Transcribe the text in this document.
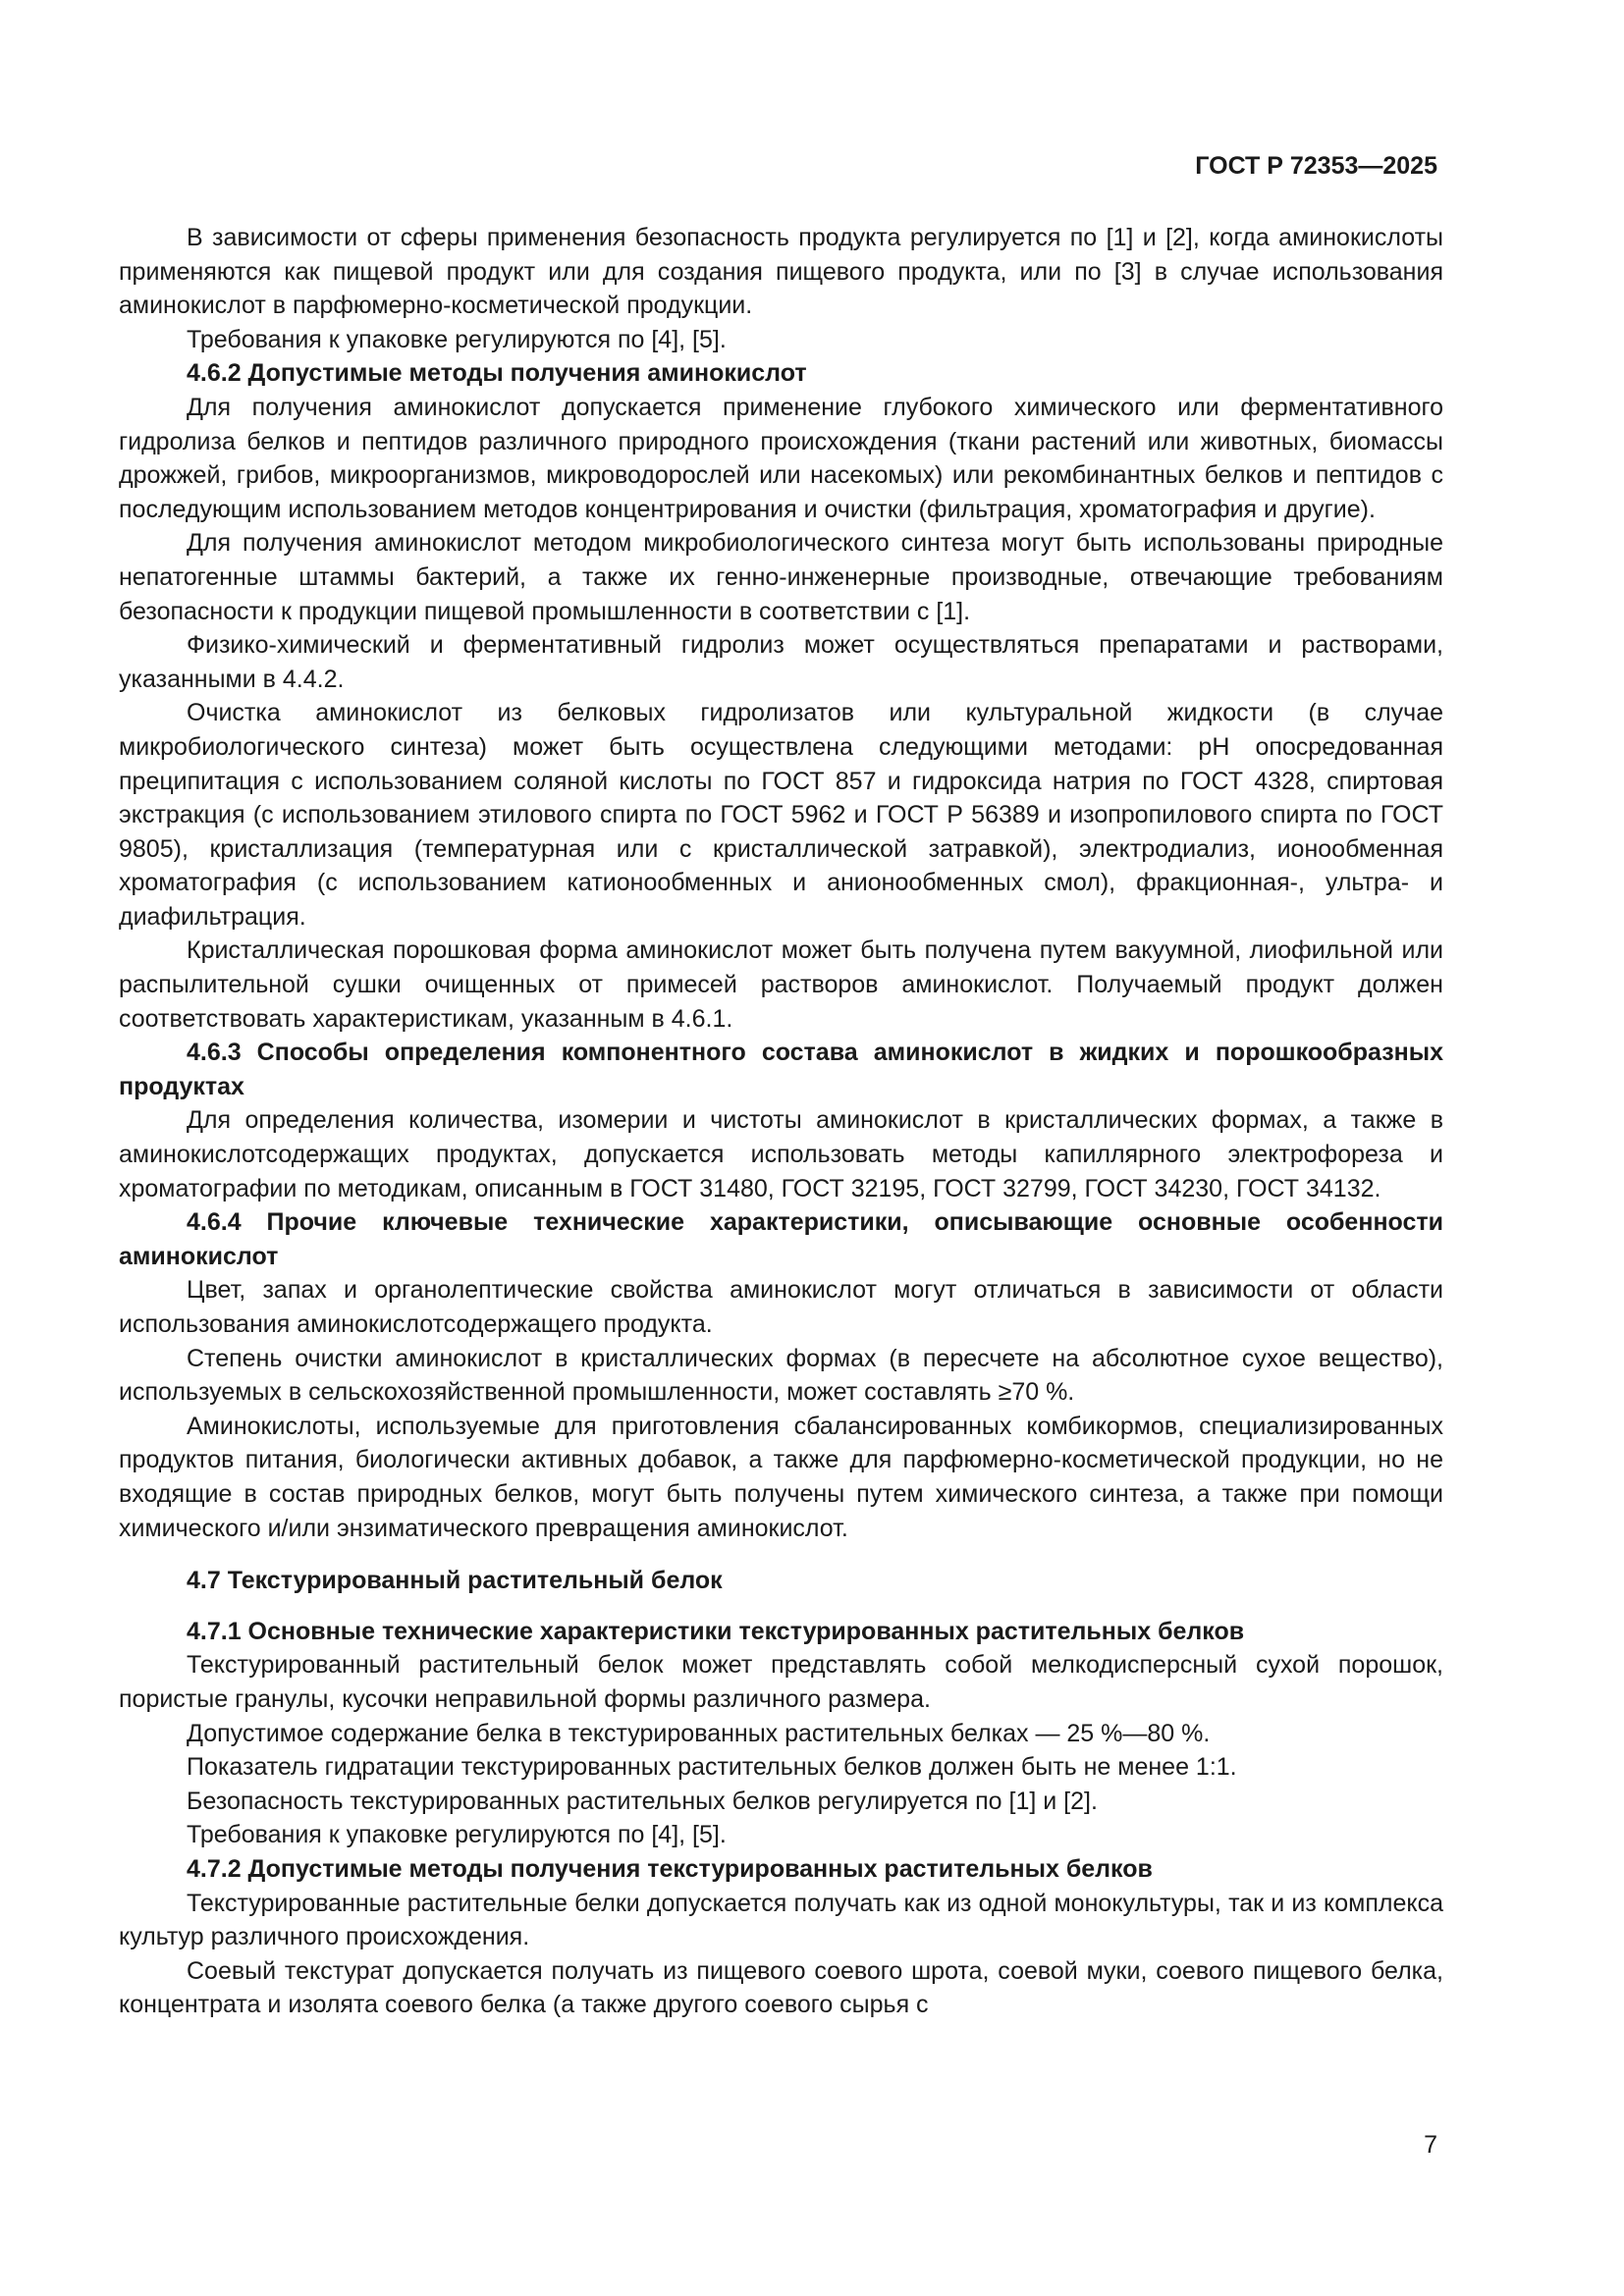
ГОСТ Р 72353—2025

В зависимости от сферы применения безопасность продукта регулируется по [1] и [2], когда аминокислоты применяются как пищевой продукт или для создания пищевого продукта, или по [3] в случае использования аминокислот в парфюмерно-косметической продукции.

Требования к упаковке регулируются по [4], [5].

4.6.2 Допустимые методы получения аминокислот

Для получения аминокислот допускается применение глубокого химического или ферментативного гидролиза белков и пептидов различного природного происхождения (ткани растений или животных, биомассы дрожжей, грибов, микроорганизмов, микроводорослей или насекомых) или рекомбинантных белков и пептидов с последующим использованием методов концентрирования и очистки (фильтрация, хроматография и другие).

Для получения аминокислот методом микробиологического синтеза могут быть использованы природные непатогенные штаммы бактерий, а также их генно-инженерные производные, отвечающие требованиям безопасности к продукции пищевой промышленности в соответствии с [1].

Физико-химический и ферментативный гидролиз может осуществляться препаратами и растворами, указанными в 4.4.2.

Очистка аминокислот из белковых гидролизатов или культуральной жидкости (в случае микробиологического синтеза) может быть осуществлена следующими методами: pH опосредованная преципитация с использованием соляной кислоты по ГОСТ 857 и гидроксида натрия по ГОСТ 4328, спиртовая экстракция (с использованием этилового спирта по ГОСТ 5962 и ГОСТ Р 56389 и изопропилового спирта по ГОСТ 9805), кристаллизация (температурная или с кристаллической затравкой), электродиализ, ионообменная хроматография (с использованием катионообменных и анионообменных смол), фракционная-, ультра- и диафильтрация.

Кристаллическая порошковая форма аминокислот может быть получена путем вакуумной, лиофильной или распылительной сушки очищенных от примесей растворов аминокислот. Получаемый продукт должен соответствовать характеристикам, указанным в 4.6.1.

4.6.3 Способы определения компонентного состава аминокислот в жидких и порошкообразных продуктах

Для определения количества, изомерии и чистоты аминокислот в кристаллических формах, а также в аминокислотсодержащих продуктах, допускается использовать методы капиллярного электрофореза и хроматографии по методикам, описанным в ГОСТ 31480, ГОСТ 32195, ГОСТ 32799, ГОСТ 34230, ГОСТ 34132.

4.6.4 Прочие ключевые технические характеристики, описывающие основные особенности аминокислот

Цвет, запах и органолептические свойства аминокислот могут отличаться в зависимости от области использования аминокислотсодержащего продукта.

Степень очистки аминокислот в кристаллических формах (в пересчете на абсолютное сухое вещество), используемых в сельскохозяйственной промышленности, может составлять ≥70 %.

Аминокислоты, используемые для приготовления сбалансированных комбикормов, специализированных продуктов питания, биологически активных добавок, а также для парфюмерно-косметической продукции, но не входящие в состав природных белков, могут быть получены путем химического синтеза, а также при помощи химического и/или энзиматического превращения аминокислот.

4.7 Текстурированный растительный белок
4.7.1 Основные технические характеристики текстурированных растительных белков

Текстурированный растительный белок может представлять собой мелкодисперсный сухой порошок, пористые гранулы, кусочки неправильной формы различного размера.

Допустимое содержание белка в текстурированных растительных белках — 25 %—80 %.

Показатель гидратации текстурированных растительных белков должен быть не менее 1:1.

Безопасность текстурированных растительных белков регулируется по [1] и [2].

Требования к упаковке регулируются по [4], [5].

4.7.2 Допустимые методы получения текстурированных растительных белков

Текстурированные растительные белки допускается получать как из одной монокультуры, так и из комплекса культур различного происхождения.

Соевый текстурат допускается получать из пищевого соевого шрота, соевой муки, соевого пищевого белка, концентрата и изолята соевого белка (а также другого соевого сырья с

7
